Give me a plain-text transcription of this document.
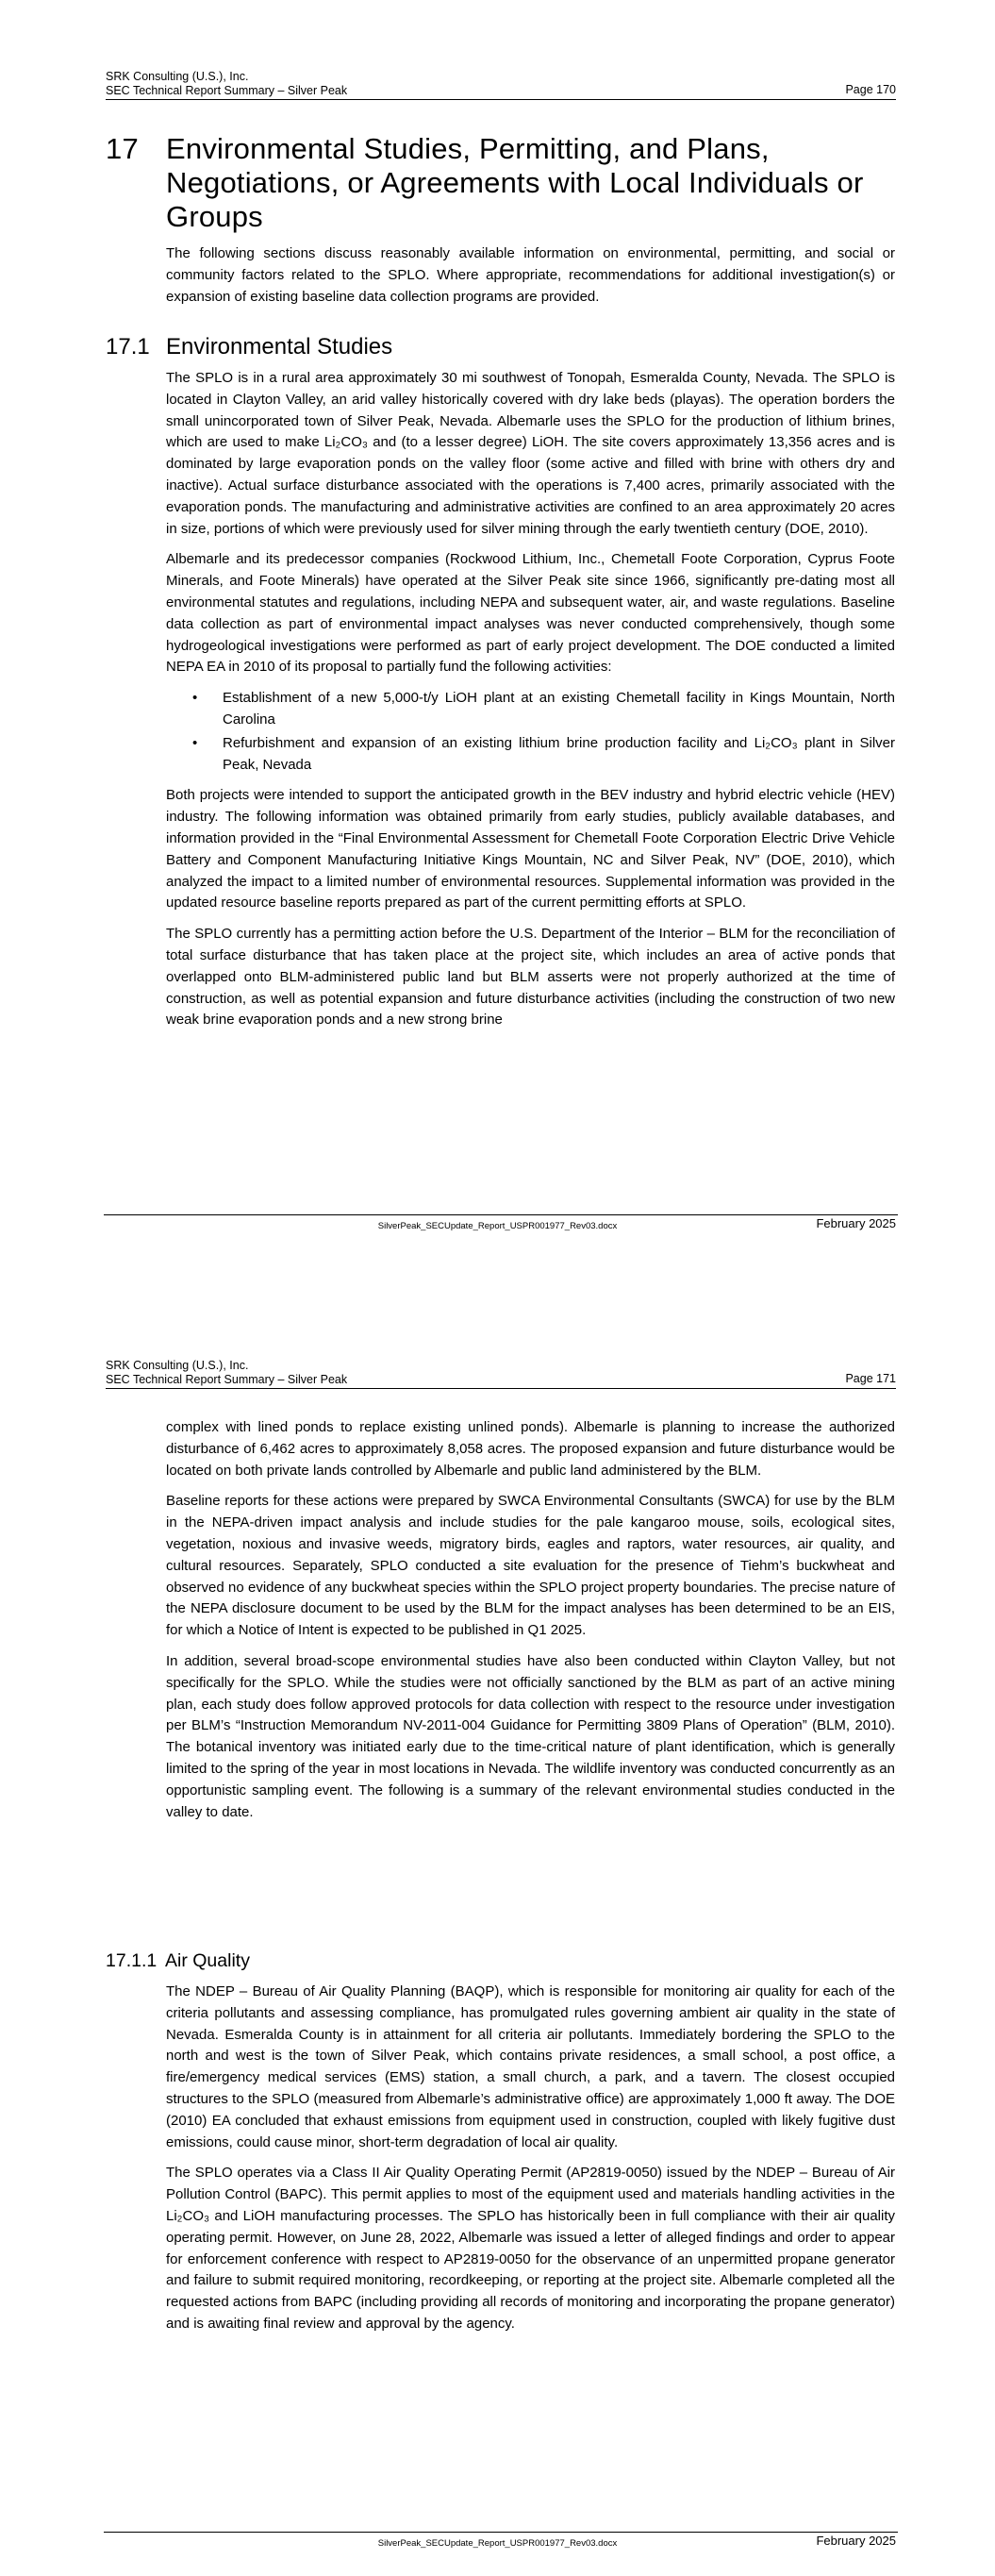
SRK Consulting (U.S.), Inc.
SEC Technical Report Summary – Silver Peak	Page 170
17 Environmental Studies, Permitting, and Plans, Negotiations, or Agreements with Local Individuals or Groups

The following sections discuss reasonably available information on environmental, permitting, and social or community factors related to the SPLO. Where appropriate, recommendations for additional investigation(s) or expansion of existing baseline data collection programs are provided.

17.1 Environmental Studies

The SPLO is in a rural area approximately 30 mi southwest of Tonopah, Esmeralda County, Nevada. The SPLO is located in Clayton Valley, an arid valley historically covered with dry lake beds (playas). The operation borders the small unincorporated town of Silver Peak, Nevada. Albemarle uses the SPLO for the production of lithium brines, which are used to make Li₂CO₃ and (to a lesser degree) LiOH. The site covers approximately 13,356 acres and is dominated by large evaporation ponds on the valley floor (some active and filled with brine with others dry and inactive). Actual surface disturbance associated with the operations is 7,400 acres, primarily associated with the evaporation ponds. The manufacturing and administrative activities are confined to an area approximately 20 acres in size, portions of which were previously used for silver mining through the early twentieth century (DOE, 2010).

Albemarle and its predecessor companies (Rockwood Lithium, Inc., Chemetall Foote Corporation, Cyprus Foote Minerals, and Foote Minerals) have operated at the Silver Peak site since 1966, significantly pre-dating most all environmental statutes and regulations, including NEPA and subsequent water, air, and waste regulations. Baseline data collection as part of environmental impact analyses was never conducted comprehensively, though some hydrogeological investigations were performed as part of early project development. The DOE conducted a limited NEPA EA in 2010 of its proposal to partially fund the following activities:

• Establishment of a new 5,000-t/y LiOH plant at an existing Chemetall facility in Kings Mountain, North Carolina
• Refurbishment and expansion of an existing lithium brine production facility and Li₂CO₃ plant in Silver Peak, Nevada

Both projects were intended to support the anticipated growth in the BEV industry and hybrid electric vehicle (HEV) industry. The following information was obtained primarily from early studies, publicly available databases, and information provided in the “Final Environmental Assessment for Chemetall Foote Corporation Electric Drive Vehicle Battery and Component Manufacturing Initiative Kings Mountain, NC and Silver Peak, NV” (DOE, 2010), which analyzed the impact to a limited number of environmental resources. Supplemental information was provided in the updated resource baseline reports prepared as part of the current permitting efforts at SPLO.

The SPLO currently has a permitting action before the U.S. Department of the Interior – BLM for the reconciliation of total surface disturbance that has taken place at the project site, which includes an area of active ponds that overlapped onto BLM-administered public land but BLM asserts were not properly authorized at the time of construction, as well as potential expansion and future disturbance activities (including the construction of two new weak brine evaporation ponds and a new strong brine

SilverPeak_SECUpdate_Report_USPR001977_Rev03.docx	February 2025
SRK Consulting (U.S.), Inc.
SEC Technical Report Summary – Silver Peak	Page 171

complex with lined ponds to replace existing unlined ponds). Albemarle is planning to increase the authorized disturbance of 6,462 acres to approximately 8,058 acres. The proposed expansion and future disturbance would be located on both private lands controlled by Albemarle and public land administered by the BLM.

Baseline reports for these actions were prepared by SWCA Environmental Consultants (SWCA) for use by the BLM in the NEPA-driven impact analysis and include studies for the pale kangaroo mouse, soils, ecological sites, vegetation, noxious and invasive weeds, migratory birds, eagles and raptors, water resources, air quality, and cultural resources. Separately, SPLO conducted a site evaluation for the presence of Tiehm’s buckwheat and observed no evidence of any buckwheat species within the SPLO project property boundaries. The precise nature of the NEPA disclosure document to be used by the BLM for the impact analyses has been determined to be an EIS, for which a Notice of Intent is expected to be published in Q1 2025.

In addition, several broad-scope environmental studies have also been conducted within Clayton Valley, but not specifically for the SPLO. While the studies were not officially sanctioned by the BLM as part of an active mining plan, each study does follow approved protocols for data collection with respect to the resource under investigation per BLM’s “Instruction Memorandum NV-2011-004 Guidance for Permitting 3809 Plans of Operation” (BLM, 2010). The botanical inventory was initiated early due to the time-critical nature of plant identification, which is generally limited to the spring of the year in most locations in Nevada. The wildlife inventory was conducted concurrently as an opportunistic sampling event. The following is a summary of the relevant environmental studies conducted in the valley to date.

17.1.1 Air Quality

The NDEP – Bureau of Air Quality Planning (BAQP), which is responsible for monitoring air quality for each of the criteria pollutants and assessing compliance, has promulgated rules governing ambient air quality in the state of Nevada. Esmeralda County is in attainment for all criteria air pollutants. Immediately bordering the SPLO to the north and west is the town of Silver Peak, which contains private residences, a small school, a post office, a fire/emergency medical services (EMS) station, a small church, a park, and a tavern. The closest occupied structures to the SPLO (measured from Albemarle’s administrative office) are approximately 1,000 ft away. The DOE (2010) EA concluded that exhaust emissions from equipment used in construction, coupled with likely fugitive dust emissions, could cause minor, short-term degradation of local air quality.

The SPLO operates via a Class II Air Quality Operating Permit (AP2819-0050) issued by the NDEP – Bureau of Air Pollution Control (BAPC). This permit applies to most of the equipment used and materials handling activities in the Li₂CO₃ and LiOH manufacturing processes. The SPLO has historically been in full compliance with their air quality operating permit. However, on June 28, 2022, Albemarle was issued a letter of alleged findings and order to appear for enforcement conference with respect to AP2819-0050 for the observance of an unpermitted propane generator and failure to submit required monitoring, recordkeeping, or reporting at the project site. Albemarle completed all the requested actions from BAPC (including providing all records of monitoring and incorporating the propane generator) and is awaiting final review and approval by the agency.

SilverPeak_SECUpdate_Report_USPR001977_Rev03.docx	February 2025
